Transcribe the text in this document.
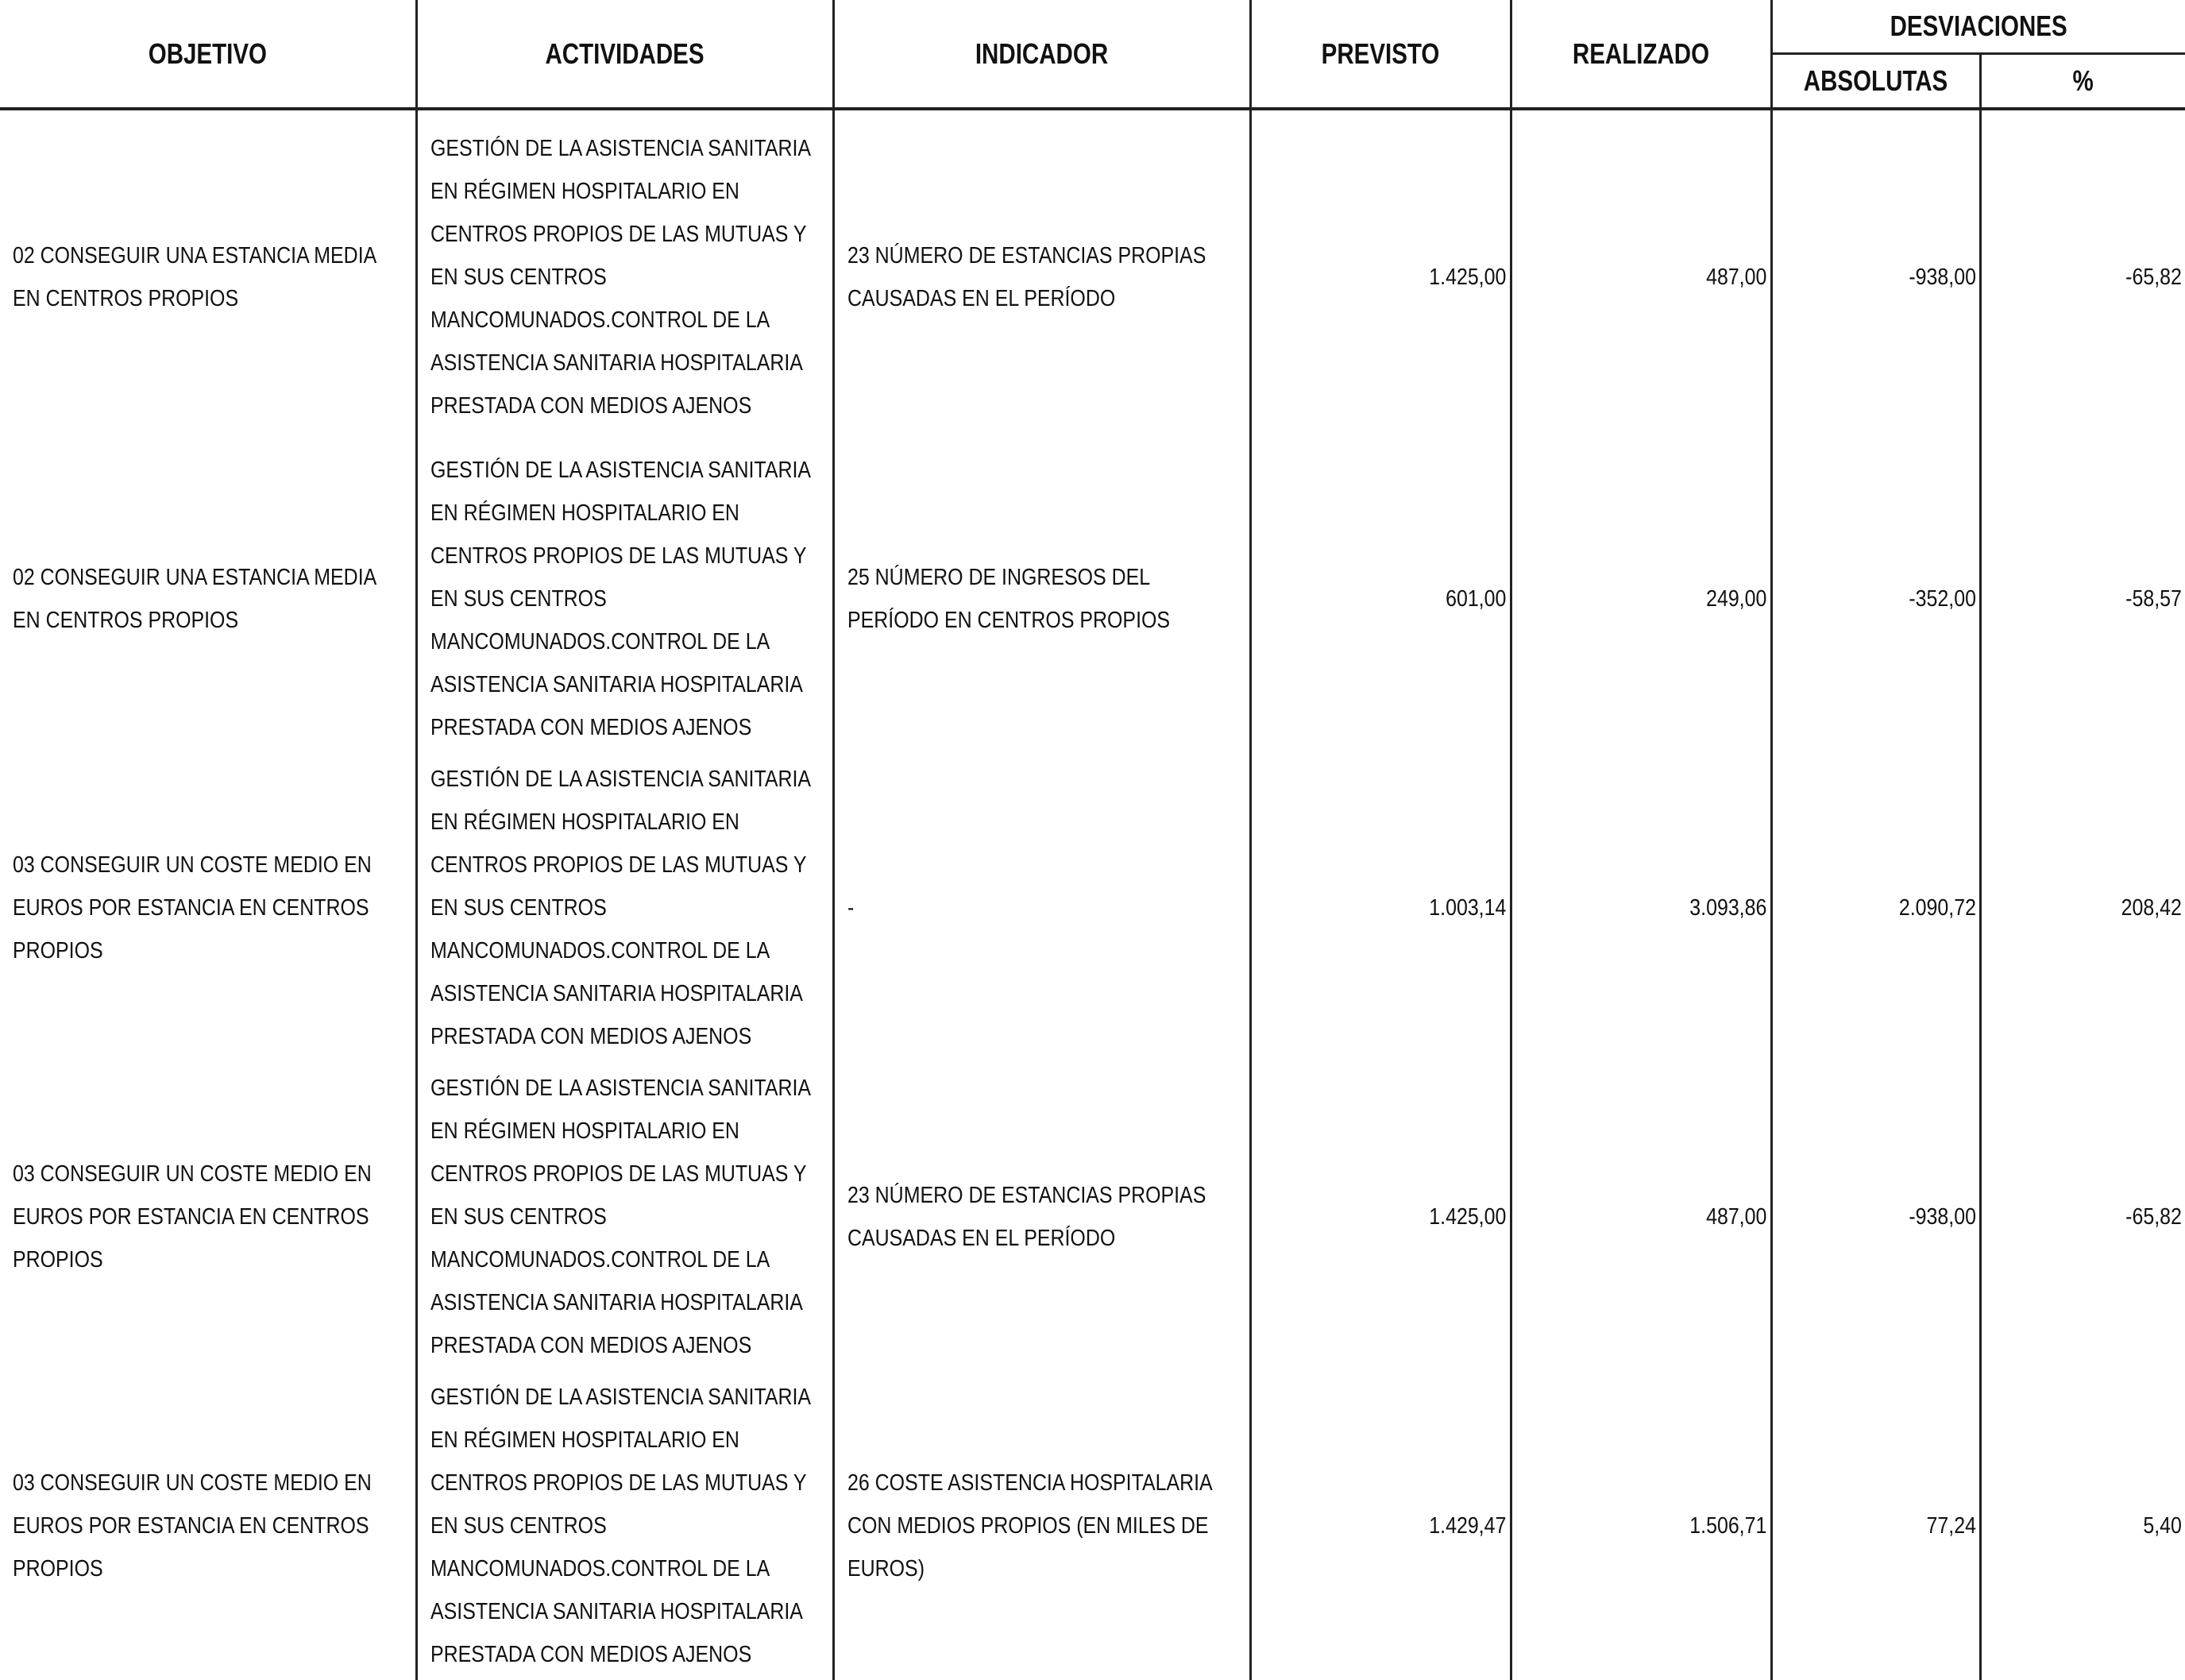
OBJETIVO	ACTIVIDADES	INDICADOR	PREVISTO	REALIZADO	DESVIACIONES	
					ABSOLUTAS	%

02 CONSEGUIR UNA ESTANCIA MEDIA EN CENTROS PROPIOS	GESTIÓN DE LA ASISTENCIA SANITARIA EN RÉGIMEN HOSPITALARIO EN CENTROS PROPIOS DE LAS MUTUAS Y EN SUS CENTROS MANCOMUNADOS.CONTROL DE LA ASISTENCIA SANITARIA HOSPITALARIA PRESTADA CON MEDIOS AJENOS	23 NÚMERO DE ESTANCIAS PROPIAS CAUSADAS EN EL PERÍODO	1.425,00	487,00	-938,00	-65,82

02 CONSEGUIR UNA ESTANCIA MEDIA EN CENTROS PROPIOS	GESTIÓN DE LA ASISTENCIA SANITARIA EN RÉGIMEN HOSPITALARIO EN CENTROS PROPIOS DE LAS MUTUAS Y EN SUS CENTROS MANCOMUNADOS.CONTROL DE LA ASISTENCIA SANITARIA HOSPITALARIA PRESTADA CON MEDIOS AJENOS	25 NÚMERO DE INGRESOS DEL PERÍODO EN CENTROS PROPIOS	601,00	249,00	-352,00	-58,57

03 CONSEGUIR UN COSTE MEDIO EN EUROS POR ESTANCIA EN CENTROS PROPIOS	GESTIÓN DE LA ASISTENCIA SANITARIA EN RÉGIMEN HOSPITALARIO EN CENTROS PROPIOS DE LAS MUTUAS Y EN SUS CENTROS MANCOMUNADOS.CONTROL DE LA ASISTENCIA SANITARIA HOSPITALARIA PRESTADA CON MEDIOS AJENOS	-	1.003,14	3.093,86	2.090,72	208,42

03 CONSEGUIR UN COSTE MEDIO EN EUROS POR ESTANCIA EN CENTROS PROPIOS	GESTIÓN DE LA ASISTENCIA SANITARIA EN RÉGIMEN HOSPITALARIO EN CENTROS PROPIOS DE LAS MUTUAS Y EN SUS CENTROS MANCOMUNADOS.CONTROL DE LA ASISTENCIA SANITARIA HOSPITALARIA PRESTADA CON MEDIOS AJENOS	23 NÚMERO DE ESTANCIAS PROPIAS CAUSADAS EN EL PERÍODO	1.425,00	487,00	-938,00	-65,82

03 CONSEGUIR UN COSTE MEDIO EN EUROS POR ESTANCIA EN CENTROS PROPIOS	GESTIÓN DE LA ASISTENCIA SANITARIA EN RÉGIMEN HOSPITALARIO EN CENTROS PROPIOS DE LAS MUTUAS Y EN SUS CENTROS MANCOMUNADOS.CONTROL DE LA ASISTENCIA SANITARIA HOSPITALARIA PRESTADA CON MEDIOS AJENOS	26 COSTE ASISTENCIA HOSPITALARIA CON MEDIOS PROPIOS (EN MILES DE EUROS)	1.429,47	1.506,71	77,24	5,40
